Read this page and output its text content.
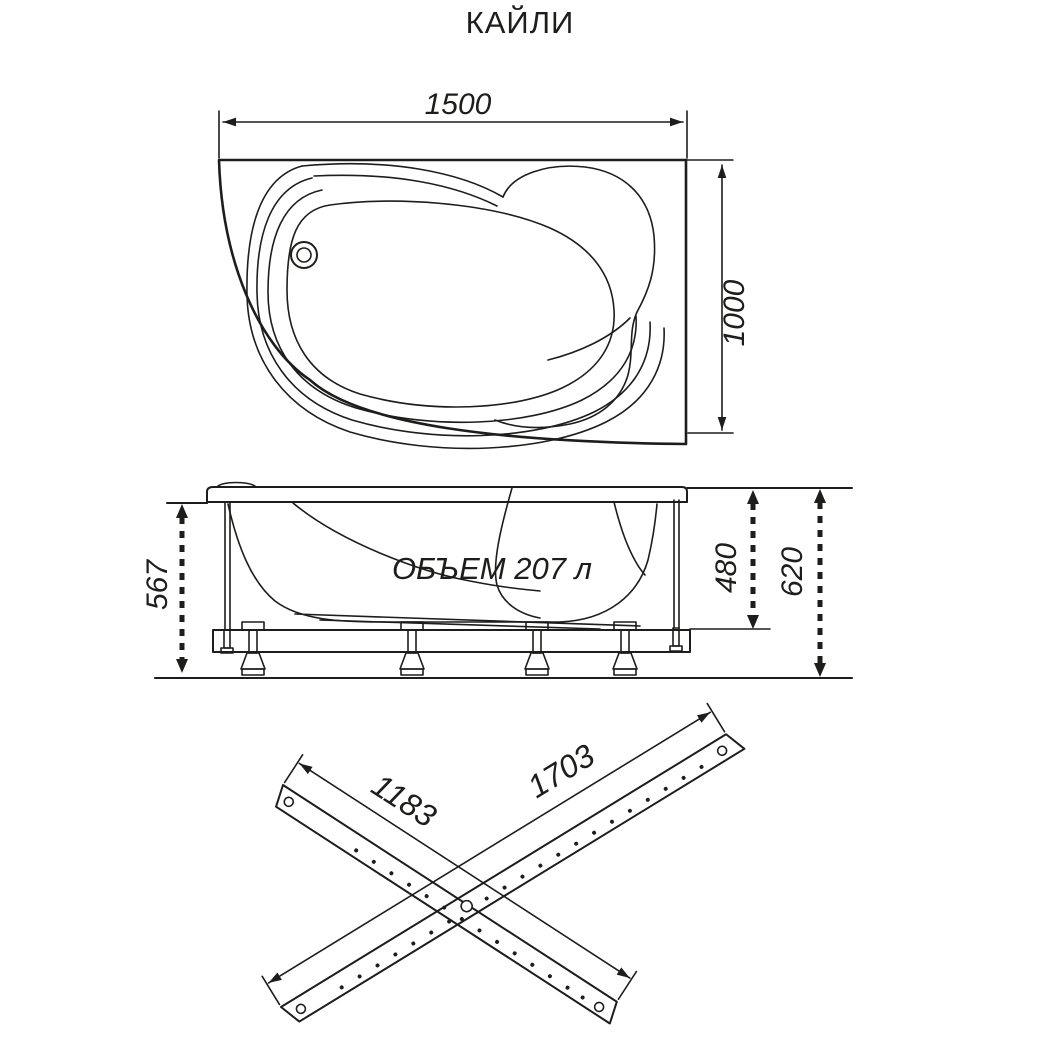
КАЙЛИ
1500
1000
ОБЪЕМ 207 л
567	480 620
1183 1703
